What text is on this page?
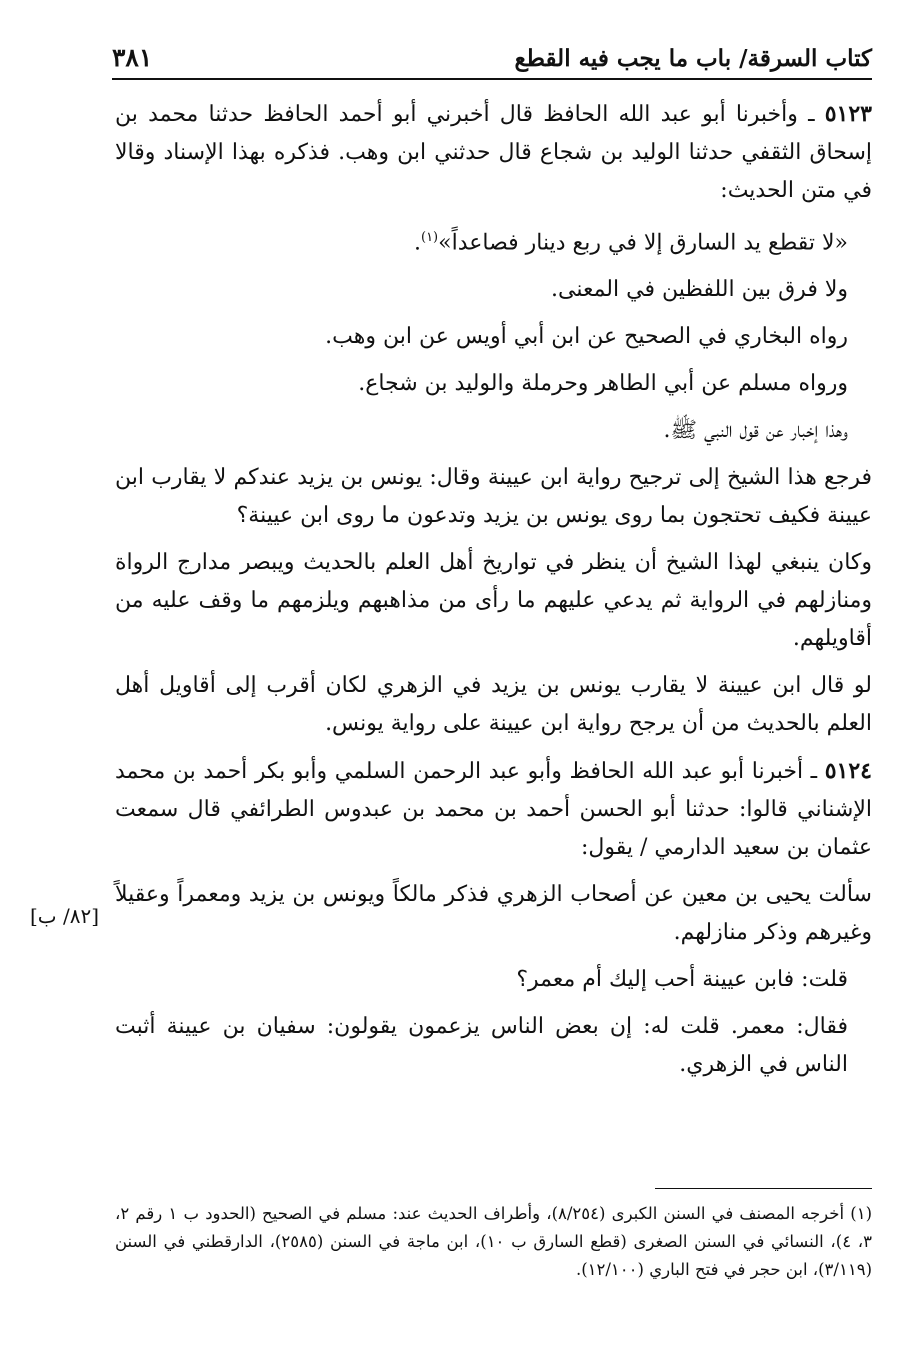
كتاب السرقة/ باب ما يجب فيه القطع
٣٨١

٥١٢٣ ـ وأخبرنا أبو عبد الله الحافظ قال أخبرني أبو أحمد الحافظ حدثنا محمد بن إسحاق الثقفي حدثنا الوليد بن شجاع قال حدثني ابن وهب. فذكره بهذا الإسناد وقالا في متن الحديث:

«لا تقطع يد السارق إلا في ربع دينار فصاعداً»$^{(١)}$.

ولا فرق بين اللفظين في المعنى.

رواه البخاري في الصحيح عن ابن أبي أويس عن ابن وهب.

ورواه مسلم عن أبي الطاهر وحرملة والوليد بن شجاع.

وهذا إخبار عن قول النبي ﷺ.

فرجع هذا الشيخ إلى ترجيح رواية ابن عيينة وقال: يونس بن يزيد عندكم لا يقارب ابن عيينة فكيف تحتجون بما روى يونس بن يزيد وتدعون ما روى ابن عيينة؟

وكان ينبغي لهذا الشيخ أن ينظر في تواريخ أهل العلم بالحديث ويبصر مدارج الرواة ومنازلهم في الرواية ثم يدعي عليهم ما رأى من مذاهبهم ويلزمهم ما وقف عليه من أقاويلهم.

لو قال ابن عيينة لا يقارب يونس بن يزيد في الزهري لكان أقرب إلى أقاويل أهل العلم بالحديث من أن يرجح رواية ابن عيينة على رواية يونس.

٥١٢٤ ـ أخبرنا أبو عبد الله الحافظ وأبو عبد الرحمن السلمي وأبو بكر أحمد بن محمد الإشناني قالوا: حدثنا أبو الحسن أحمد بن محمد بن عبدوس الطرائفي قال سمعت عثمان بن سعيد الدارمي / يقول:

سألت يحيى بن معين عن أصحاب الزهري فذكر مالكاً ويونس بن يزيد ومعمراً وعقيلاً وغيرهم وذكر منازلهم.

قلت: فابن عيينة أحب إليك أم معمر؟

فقال: معمر. قلت له: إن بعض الناس يزعمون يقولون: سفيان بن عيينة أثبت الناس في الزهري.

[٨٢/ ب]

(١) أخرجه المصنف في السنن الكبرى (٨/٢٥٤)، وأطراف الحديث عند: مسلم في الصحيح (الحدود ب ١ رقم ٢، ٣، ٤)، النسائي في السنن الصغرى (قطع السارق ب ١٠)، ابن ماجة في السنن (٢٥٨٥)، الدارقطني في السنن (٣/١١٩)، ابن حجر في فتح الباري (١٢/١٠٠).
